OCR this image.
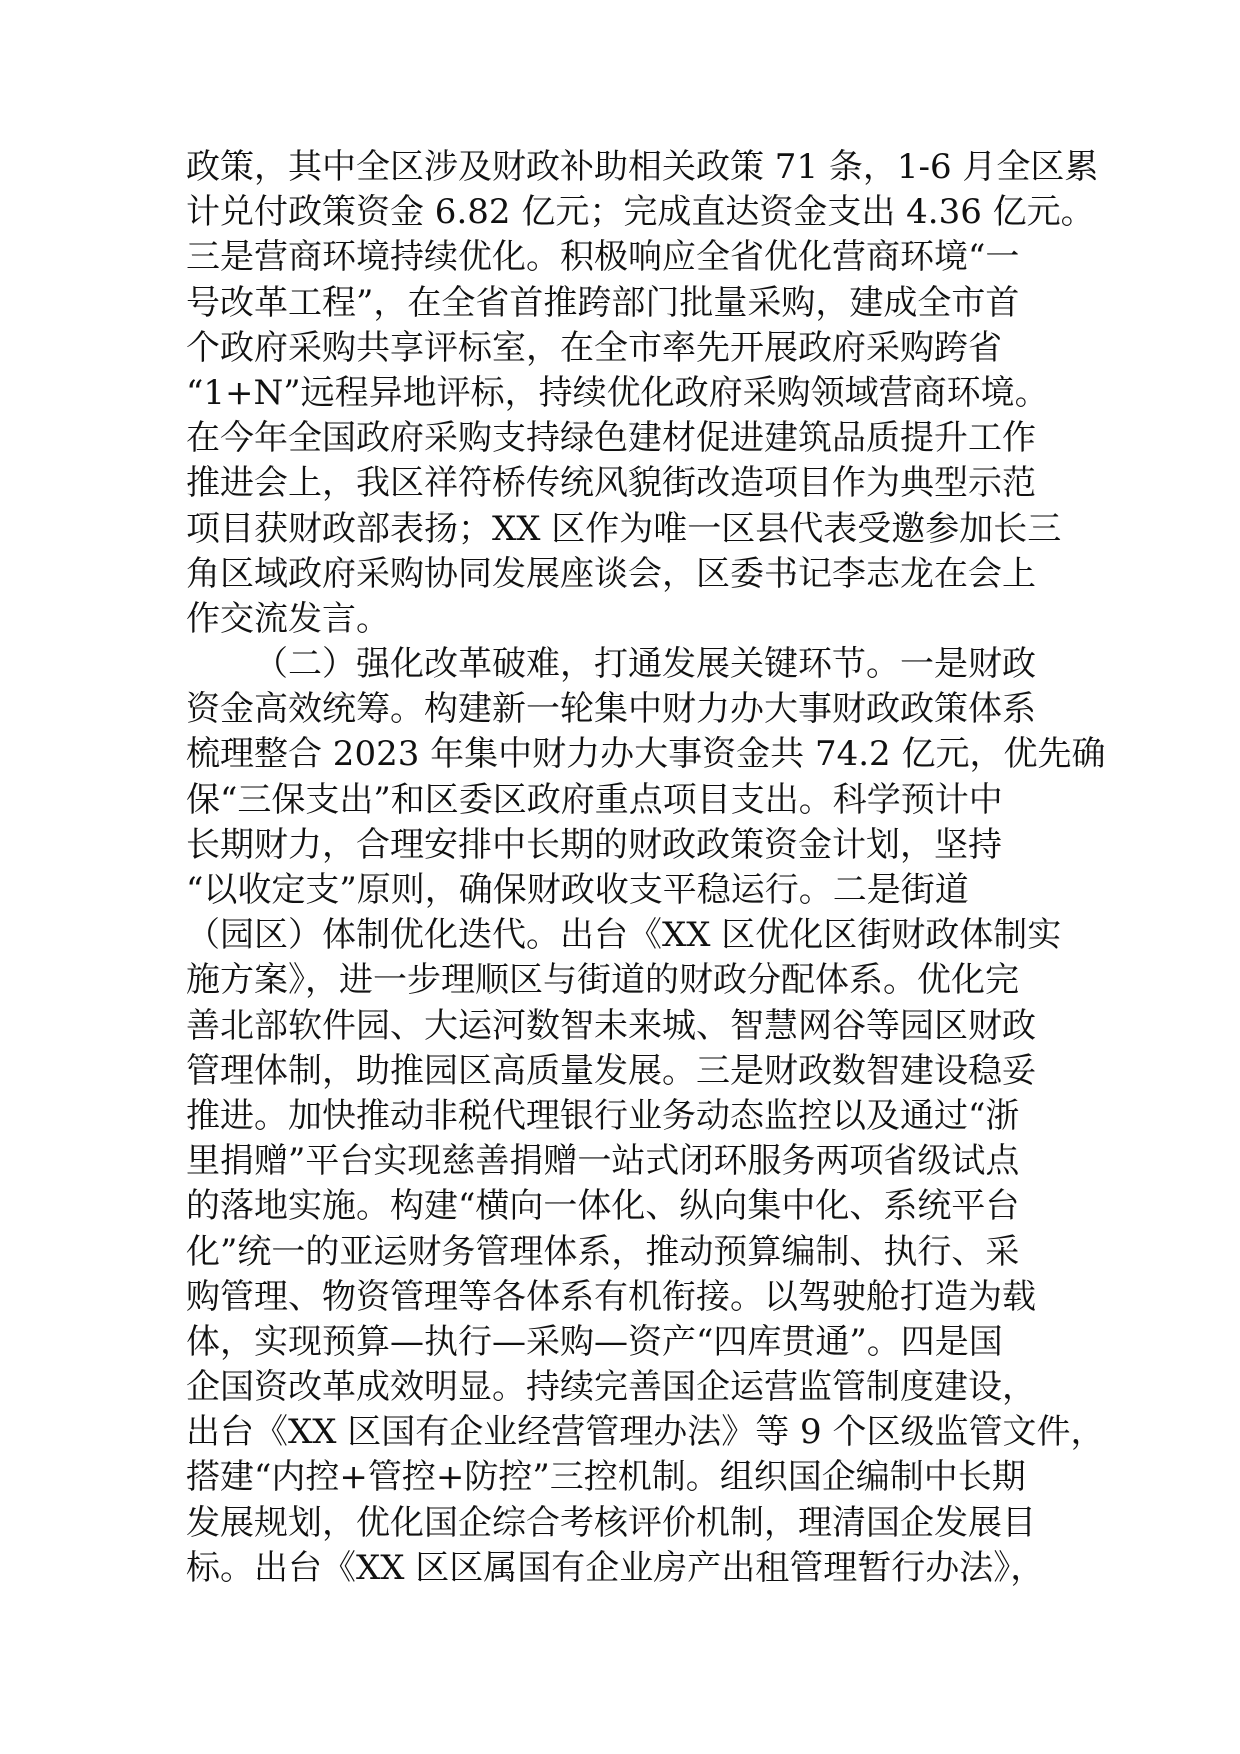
政策，其中全区涉及财政补助相关政策 71 条，1-6 月全区累
计兑付政策资金 6.82 亿元；完成直达资金支出 4.36 亿元。
三是营商环境持续优化。积极响应全省优化营商环境“一
号改革工程”，在全省首推跨部门批量采购，建成全市首
个政府采购共享评标室，在全市率先开展政府采购跨省
“1+N”远程异地评标，持续优化政府采购领域营商环境。
在今年全国政府采购支持绿色建材促进建筑品质提升工作
推进会上，我区祥符桥传统风貌街改造项目作为典型示范
项目获财政部表扬；XX 区作为唯一区县代表受邀参加长三
角区域政府采购协同发展座谈会，区委书记李志龙在会上
作交流发言。
（二）强化改革破难，打通发展关键环节。一是财政
资金高效统筹。构建新一轮集中财力办大事财政政策体系
梳理整合 2023 年集中财力办大事资金共 74.2 亿元，优先确
保“三保支出”和区委区政府重点项目支出。科学预计中
长期财力，合理安排中长期的财政政策资金计划，坚持
“以收定支”原则，确保财政收支平稳运行。二是街道
（园区）体制优化迭代。出台《XX 区优化区街财政体制实
施方案》，进一步理顺区与街道的财政分配体系。优化完
善北部软件园、大运河数智未来城、智慧网谷等园区财政
管理体制，助推园区高质量发展。三是财政数智建设稳妥
推进。加快推动非税代理银行业务动态监控以及通过“浙
里捐赠”平台实现慈善捐赠一站式闭环服务两项省级试点
的落地实施。构建“横向一体化、纵向集中化、系统平台
化”统一的亚运财务管理体系，推动预算编制、执行、采
购管理、物资管理等各体系有机衔接。以驾驶舱打造为载
体，实现预算—执行—采购—资产“四库贯通”。四是国
企国资改革成效明显。持续完善国企运营监管制度建设，
出台《XX 区国有企业经营管理办法》等 9 个区级监管文件，
搭建“内控+管控+防控”三控机制。组织国企编制中长期
发展规划，优化国企综合考核评价机制，理清国企发展目
标。出台《XX 区区属国有企业房产出租管理暂行办法》，
